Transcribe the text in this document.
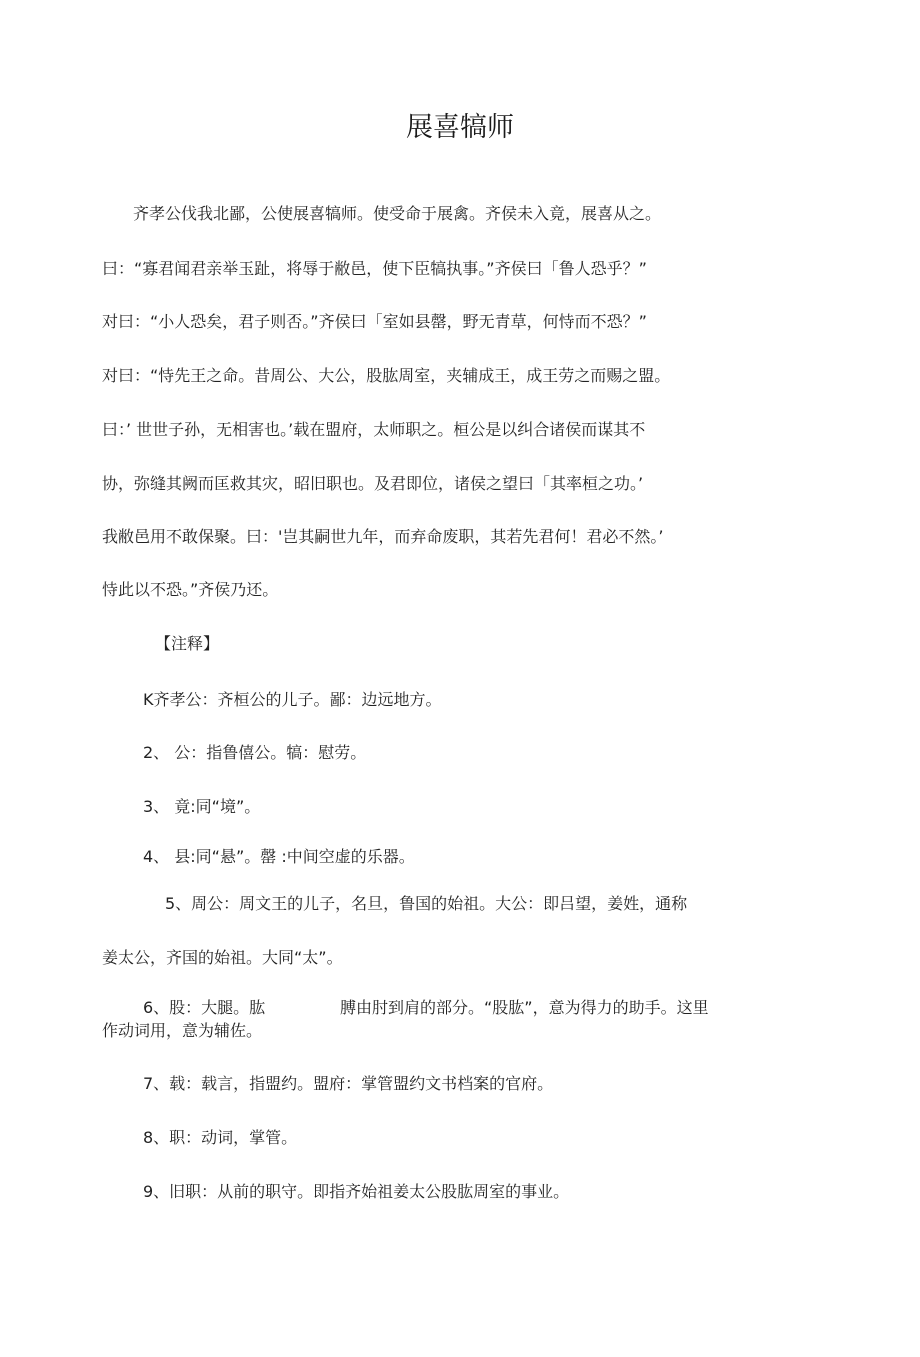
展喜犒师
齐孝公伐我北鄙，公使展喜犒师。使受命于展禽。齐侯未入竟，展喜从之。
曰：“寡君闻君亲举玉趾，将辱于敝邑，使下臣犒执事。”齐侯曰「鲁人恐乎？”
对曰：“小人恐矣，君子则否。”齐侯曰「室如县罄，野无青草，何恃而不恐？”
对曰：“恃先王之命。昔周公、大公，股肱周室，夹辅成王，成王劳之而赐之盟。
曰：’ 世世子孙，无相害也。’载在盟府，太师职之。桓公是以纠合诸侯而谋其不
协，弥缝其阙而匡救其灾，昭旧职也。及君即位，诸侯之望曰「其率桓之功。’
我敝邑用不敢保聚。曰：'岂其嗣世九年，而弃命废职，其若先君何！君必不然。’
恃此以不恐。”齐侯乃还。
【注释】
K齐孝公：齐桓公的儿子。鄙：边远地方。
2、 公：指鲁僖公。犒：慰劳。
3、 竟:同“境”。
4、 县:同“悬”。罄 :中间空虚的乐器。
5、周公：周文王的儿子，名旦，鲁国的始祖。大公：即吕望，姜姓，通称
姜太公，齐国的始祖。大同“太”。
6、股：大腿。肱	膊由肘到肩的部分。“股肱”，意为得力的助手。这里
作动词用，意为辅佐。
7、载：载言，指盟约。盟府：掌管盟约文书档案的官府。
8、职：动词，掌管。
9、旧职：从前的职守。即指齐始祖姜太公股肱周室的事业。
